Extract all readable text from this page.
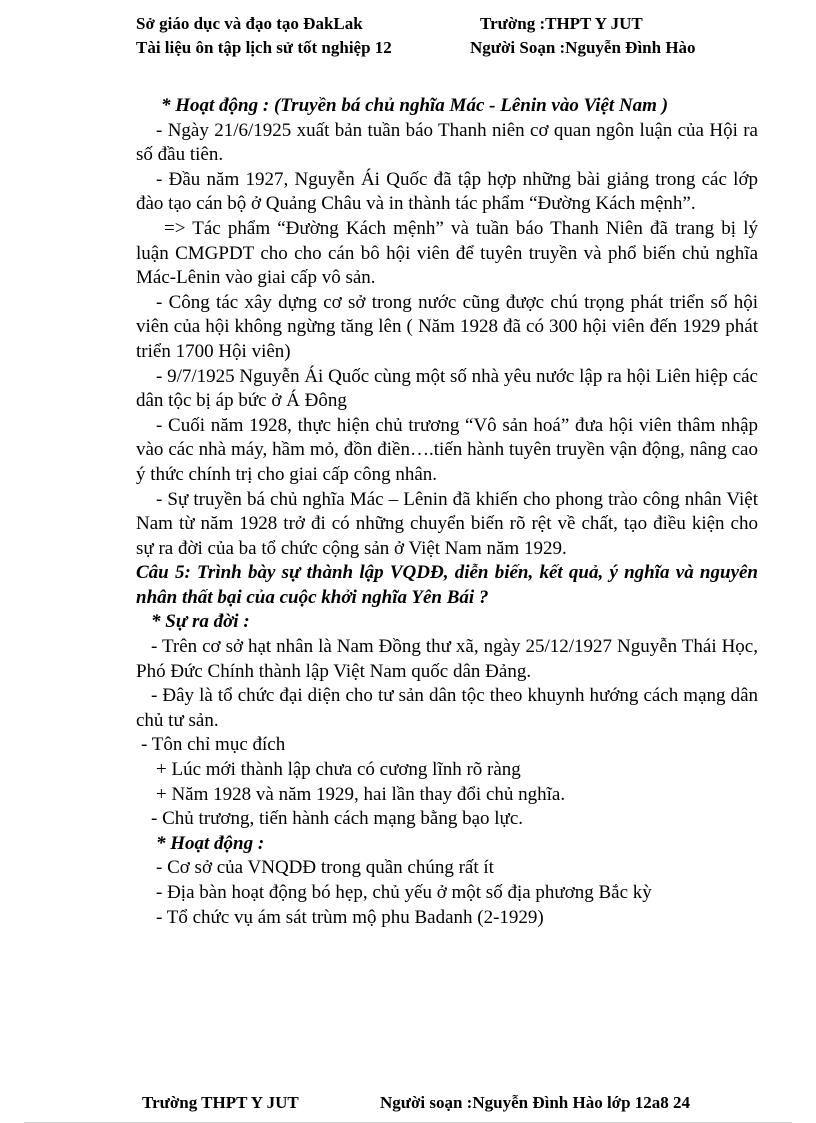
Sở giáo dục và đạo tạo ĐakLak	Trường :THPT Y JUT
Tài liệu ôn tập lịch sử tốt nghiệp 12	Người Soạn :Nguyễn Đình Hào

* Hoạt động : (Truyền bá chủ nghĩa Mác - Lênin vào Việt Nam )

- Ngày 21/6/1925 xuất bản tuần báo Thanh niên cơ quan ngôn luận của Hội ra số đầu tiên.

- Đầu năm 1927, Nguyễn Ái Quốc đã tập hợp những bài giảng trong các lớp đào tạo cán bộ ở Quảng Châu và in thành tác phẩm “Đường Kách mệnh”.

=> Tác phẩm “Đường Kách mệnh” và tuần báo Thanh Niên đã trang bị lý luận CMGPDT cho cho cán bô hội viên để tuyên truyền và phổ biến chủ nghĩa Mác-Lênin vào giai cấp vô sản.

- Công tác xây dựng cơ sở trong nước cũng được chú trọng phát triển số hội viên của hội không ngừng tăng lên ( Năm 1928 đã có 300 hội viên đến 1929 phát triển 1700 Hội viên)

- 9/7/1925 Nguyễn Ái Quốc cùng một số nhà yêu nước lập ra hội Liên hiệp các dân tộc bị áp bức ở Á Đông

- Cuối năm 1928, thực hiện chủ trương “Vô sản hoá” đưa hội viên thâm nhập vào các nhà máy, hầm mỏ, đồn điền….tiến hành tuyên truyền vận động, nâng cao ý thức chính trị cho giai cấp công nhân.

- Sự truyền bá chủ nghĩa Mác – Lênin đã khiến cho phong trào công nhân Việt Nam từ năm 1928 trở đi có những chuyển biến rõ rệt về chất, tạo điều kiện cho sự ra đời của ba tổ chức cộng sản ở Việt Nam năm 1929.

Câu 5: Trình bày sự thành lập VQDĐ, diễn biến, kết quả, ý nghĩa và nguyên nhân thất bại của cuộc khởi nghĩa Yên Bái ?

* Sự ra đời :

- Trên cơ sở hạt nhân là Nam Đồng thư xã, ngày 25/12/1927 Nguyễn Thái Học, Phó Đức Chính thành lập Việt Nam quốc dân Đảng.

- Đây là tổ chức đại diện cho tư sản dân tộc theo khuynh hướng cách mạng dân chủ tư sản.

- Tôn chỉ mục đích

+ Lúc mới thành lập chưa có cương lĩnh rõ ràng

+ Năm 1928 và năm 1929, hai lần thay đổi chủ nghĩa.

- Chủ trương, tiến hành cách mạng bằng bạo lực.

* Hoạt động :

- Cơ sở của VNQDĐ trong quần chúng rất ít

- Địa bàn hoạt động bó hẹp, chủ yếu ở một số địa phương Bắc kỳ

- Tổ chức vụ ám sát trùm mộ phu Badanh (2-1929)

Trường THPT Y JUT	Người soạn :Nguyễn Đình Hào lớp 12a8 24
